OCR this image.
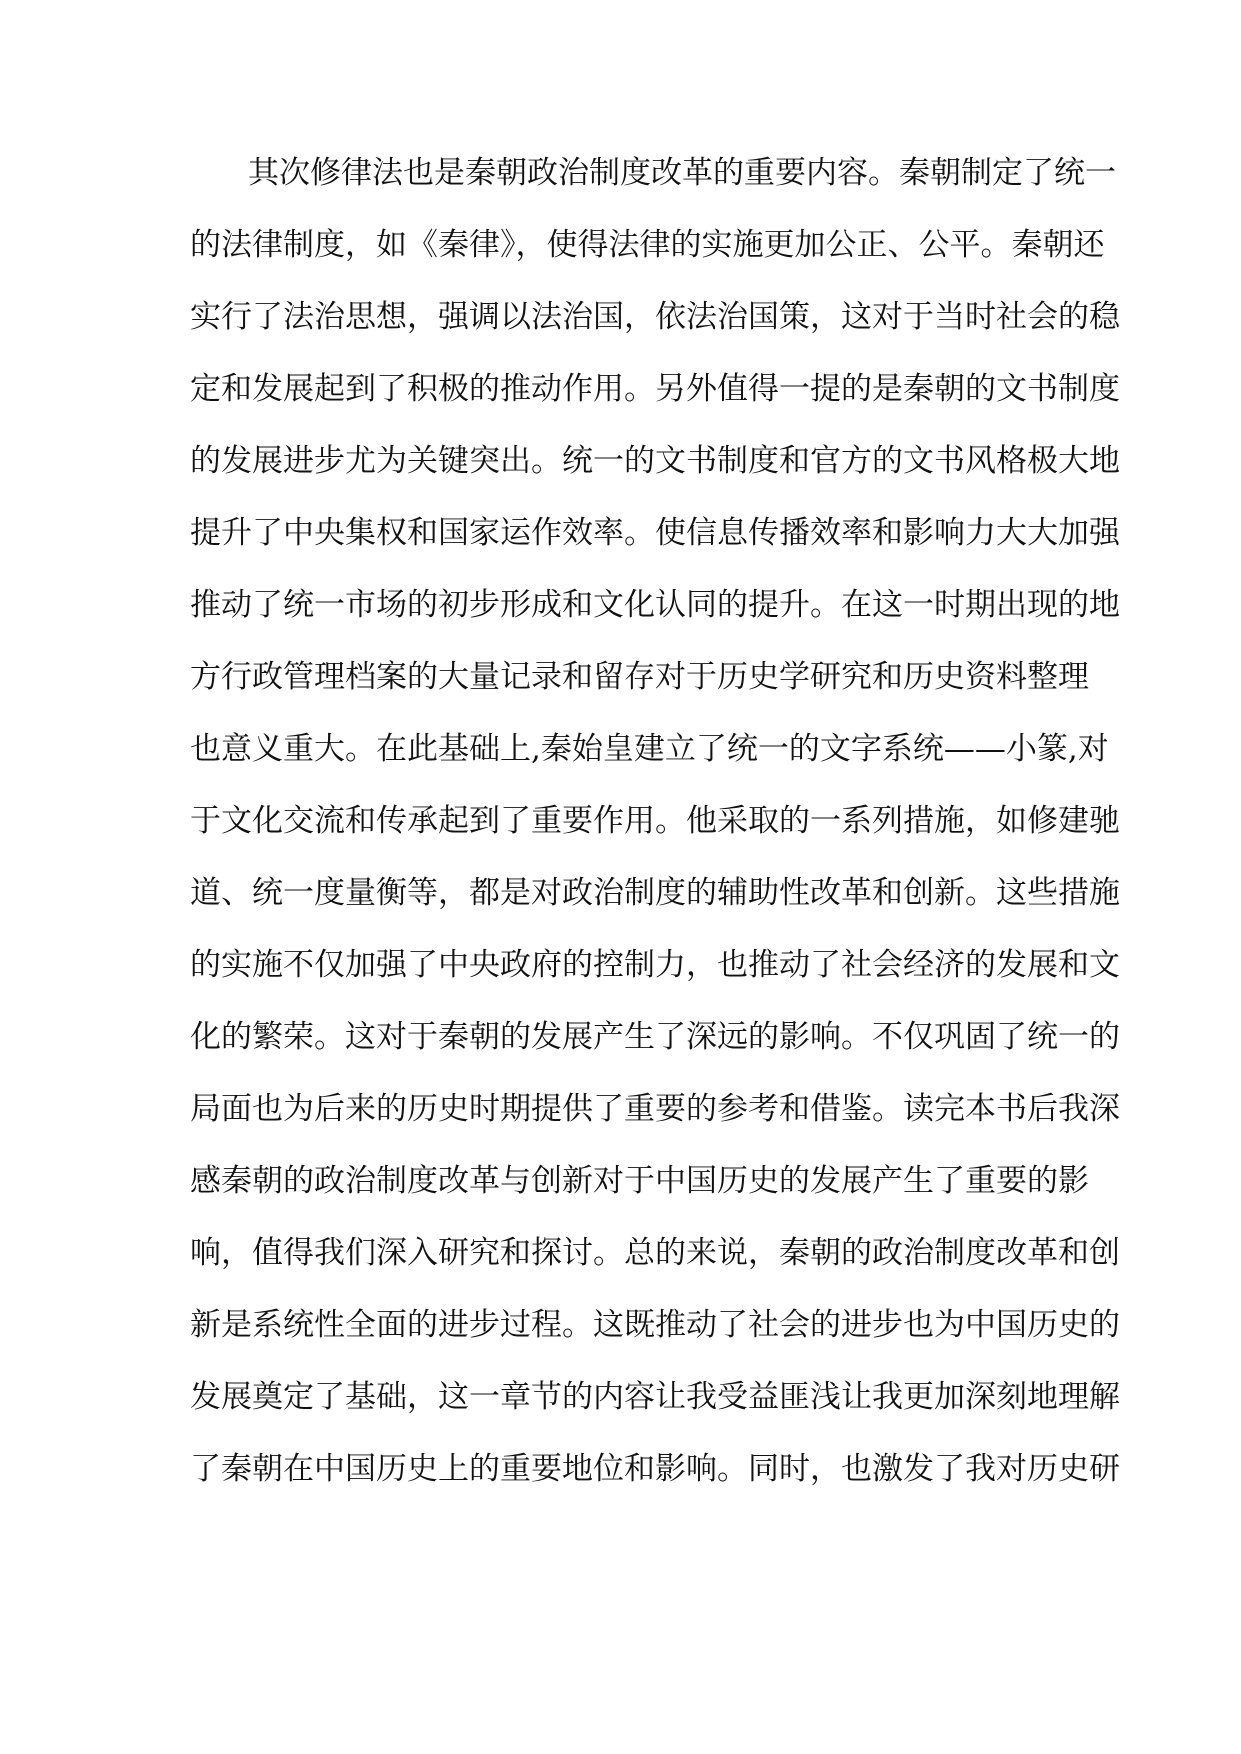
其次修律法也是秦朝政治制度改革的重要内容。秦朝制定了统一
的法律制度，如《秦律》，使得法律的实施更加公正、公平。秦朝还
实行了法治思想，强调以法治国，依法治国策，这对于当时社会的稳
定和发展起到了积极的推动作用。另外值得一提的是秦朝的文书制度
的发展进步尤为关键突出。统一的文书制度和官方的文书风格极大地
提升了中央集权和国家运作效率。使信息传播效率和影响力大大加强
推动了统一市场的初步形成和文化认同的提升。在这一时期出现的地
方行政管理档案的大量记录和留存对于历史学研究和历史资料整理
也意义重大。在此基础上,秦始皇建立了统一的文字系统——小篆,对
于文化交流和传承起到了重要作用。他采取的一系列措施，如修建驰
道、统一度量衡等，都是对政治制度的辅助性改革和创新。这些措施
的实施不仅加强了中央政府的控制力，也推动了社会经济的发展和文
化的繁荣。这对于秦朝的发展产生了深远的影响。不仅巩固了统一的
局面也为后来的历史时期提供了重要的参考和借鉴。读完本书后我深
感秦朝的政治制度改革与创新对于中国历史的发展产生了重要的影
响，值得我们深入研究和探讨。总的来说，秦朝的政治制度改革和创
新是系统性全面的进步过程。这既推动了社会的进步也为中国历史的
发展奠定了基础，这一章节的内容让我受益匪浅让我更加深刻地理解
了秦朝在中国历史上的重要地位和影响。同时，也激发了我对历史研
